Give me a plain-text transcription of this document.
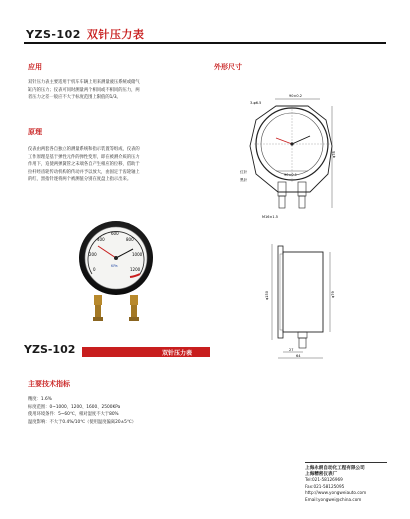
YZS-102 双针压力表
应用
双针压力表主要适用于机车车辆上用来测量液压系统或储气
缸内的压力；仪表可同时测量两个相同或不相同的压力，两
者压力之差一般应不大于标度范围上限值的1/3。
原理
仪表由两套各自独立的测量系统和指示装置等组成，仪表的
工作原理是基于弹性元件的弹性变形，即在被测介质的压力
作用下，迫使两弹簧管之末端各自产生相应的位移，借助于
拉杆经齿轮传动机构的传动并予以放大，由固定于齿轮轴上
的红、黑指针逐将两个被测值分别在度盘上指示出来。
外形尺寸
0
200
400
600
800
1000
1200
KPa
90±0.2
3-φ6.5
90±0.1
红针
黑针
φ78
M16×1.5
φ150	φ79
27
64
YZS-102	双针压力表
主要技术指标
精度：1.6%
标度范围：0~1000、1200、1600、2500KPa
使用环境条件：5~60℃，相对湿度不大于80%
温度影响：不大于0.4%/10℃（使用温度偏离20±5℃）
上海永朗自动化工程有限公司
上海精密仪表厂
Tel:021-58126969
Fax:021-58125095
http://www.yongweiauto.com
Email:yongwei@china.com
